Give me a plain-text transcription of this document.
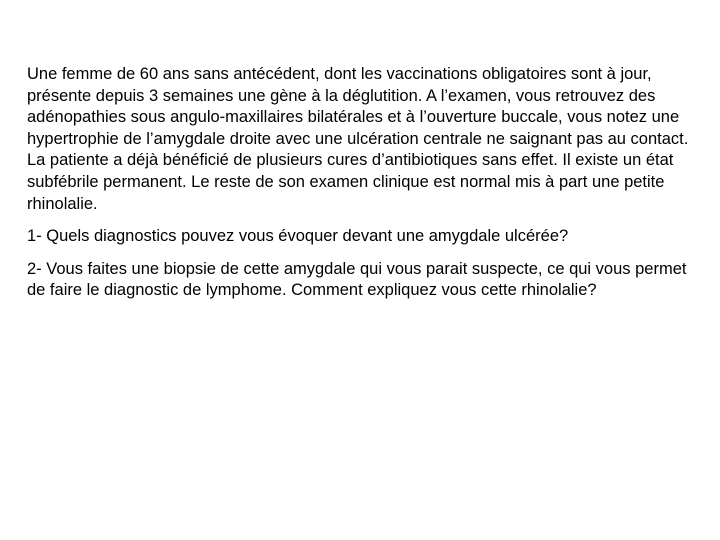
Une femme de 60 ans sans antécédent, dont les vaccinations obligatoires sont à jour, présente depuis 3 semaines une gène à la déglutition. A l’examen, vous retrouvez des adénopathies sous angulo-maxillaires bilatérales et à l’ouverture buccale, vous notez une hypertrophie de l’amygdale droite avec une ulcération centrale ne saignant pas au contact. La patiente a déjà bénéficié de plusieurs cures d’antibiotiques sans effet. Il existe un état subfébrile permanent. Le reste de son examen clinique est normal mis à part une petite rhinolalie.

1- Quels diagnostics pouvez vous évoquer devant une amygdale ulcérée?

2- Vous faites une biopsie de cette amygdale qui vous parait suspecte, ce qui vous permet de faire le diagnostic de lymphome. Comment expliquez vous cette rhinolalie?
